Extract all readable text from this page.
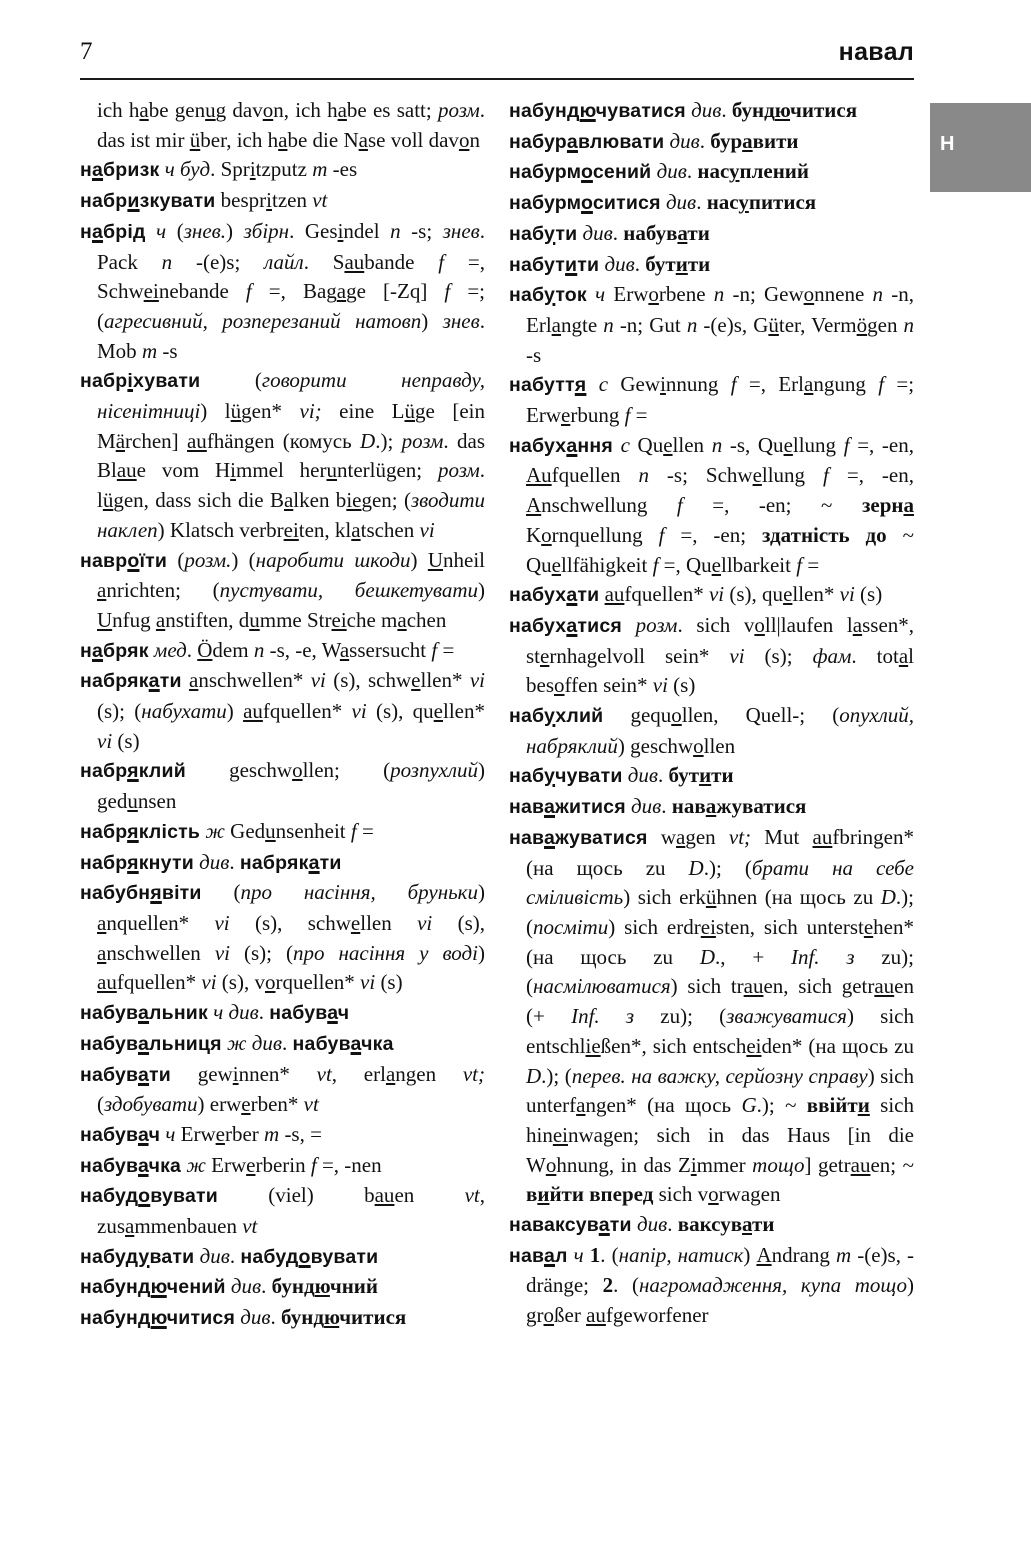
7	навал
Н
ich habe genug davon, ich habe es satt; розм. das ist mir über, ich habe die Nase voll davon
набризк ч буд. Spritzputz m -es
набризкувати bespritzen vt
набрід ч (знев.) збірн. Gesindel n -s; знев. Pack n -(e)s; лайл. Saubande f =, Schweinebande f =, Bagage [-Zq] f =; (агресивний, розперезаний натовп) знев. Mob m -s
набріхувати (говорити неправду, нісенітниці) lügen* vi; eine Lüge [ein Märchen] aufhängen (комусь D.); розм. das Blaue vom Himmel herunterlügen; розм. lügen, dass sich die Balken biegen; (зводити наклеп) Klatsch verbreiten, klatschen vi
навроїти (розм.) (наробити шкоди) Unheil anrichten; (пустувати, бешкетувати) Unfug anstiften, dumme Streiche machen
набряк мед. Ödem n -s, -e, Wassersucht f =
набрякати anschwellen* vi (s), schwellen* vi (s); (набухати) aufquellen* vi (s), quellen* vi (s)
набряклий geschwollen; (розпухлий) gedunsen
набряклість ж Gedunsenheit f =
набрякнути див. набрякати
набубнявіти (про насіння, бруньки) anquellen* vi (s), schwellen vi (s), anschwellen vi (s); (про насіння у воді) aufquellen* vi (s), vorquellen* vi (s)
набувальник ч див. набувач
набувальниця ж див. набувачка
набувати gewinnen* vt, erlangen vt; (здобувати) erwerben* vt
набувач ч Erwerber m -s, =
набувачка ж Erwerberin f =, -nen
набудовувати (viel) bauen vt, zusammenbauen vt
набудувати див. набудовувати
набундючений див. бундючний
набундючитися див. бундючитися
набундючуватися див. бундючитися
набуравлювати див. буравити
набурмосений див. насуплений
набурмоситися див. насупитися
набути див. набувати
набутити див. бутити
набуток ч Erworbene n -n; Gewonnene n -n, Erlangte n -n; Gut n -(e)s, Güter, Vermögen n -s
набуття с Gewinnung f =, Erlangung f =; Erwerbung f =
набухання с Quellen n -s, Quellung f =, -en, Aufquellen n -s; Schwellung f =, -en, Anschwellung f =, -en; ~ зерна Kornquellung f =, -en; здатність до ~ Quellfähigkeit f =, Quellbarkeit f =
набухати aufquellen* vi (s), quellen* vi (s)
набухатися розм. sich voll|laufen lassen*, sternhagelvoll sein* vi (s); фам. total besoffen sein* vi (s)
набухлий gequollen, Quell-; (опухлий, набряклий) geschwollen
набучувати див. бутити
наважитися див. наважуватися
наважуватися wagen vt; Mut aufbringen* (на щось zu D.); (брати на себе сміливість) sich erkühnen (на щось zu D.); (посміти) sich erdreisten, sich unterstehen* (на щось zu D., + Inf. з zu); (насмілюватися) sich trauen, sich getrauen (+ Inf. з zu); (зважуватися) sich entschließen*, sich entscheiden* (на щось zu D.); (перев. на важку, серйозну справу) sich unterfangen* (на щось G.); ~ ввійти sich hineinwagen; sich in das Haus [in die Wohnung, in das Zimmer тощо] getrauen; ~ вийти вперед sich vorwagen
наваксувати див. ваксувати
навал ч 1. (напір, натиск) Andrang m -(e)s, -dränge; 2. (нагромадження, купа тощо) großer aufgeworfener
